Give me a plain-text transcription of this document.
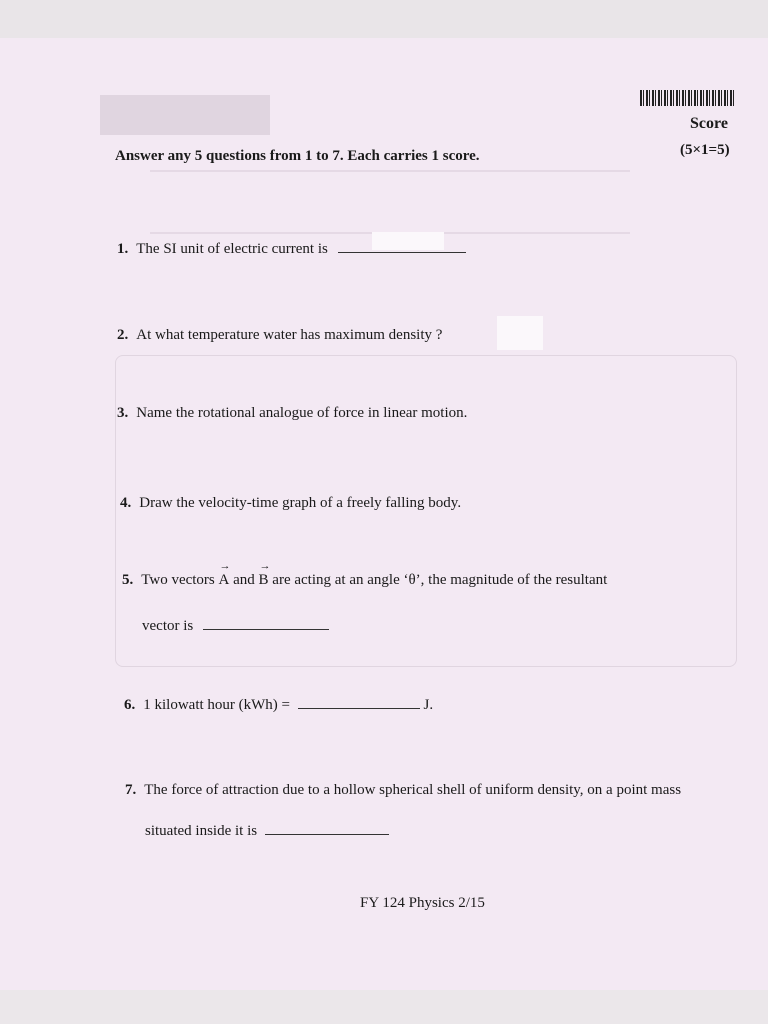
Score
(5×1=5)
Answer any 5 questions from 1 to 7. Each carries 1 score.
1. The SI unit of electric current is
2. At what temperature water has maximum density ?
3. Name the rotational analogue of force in linear motion.
4. Draw the velocity-time graph of a freely falling body.
5. Two vectors → A and → B are acting at an angle ‘θ’, the magnitude of the resultant
vector is
6. 1 kilowatt hour (kWh) =	J.
7. The force of attraction due to a hollow spherical shell of uniform density, on a point mass
situated inside it is
FY 124 Physics 2/15
